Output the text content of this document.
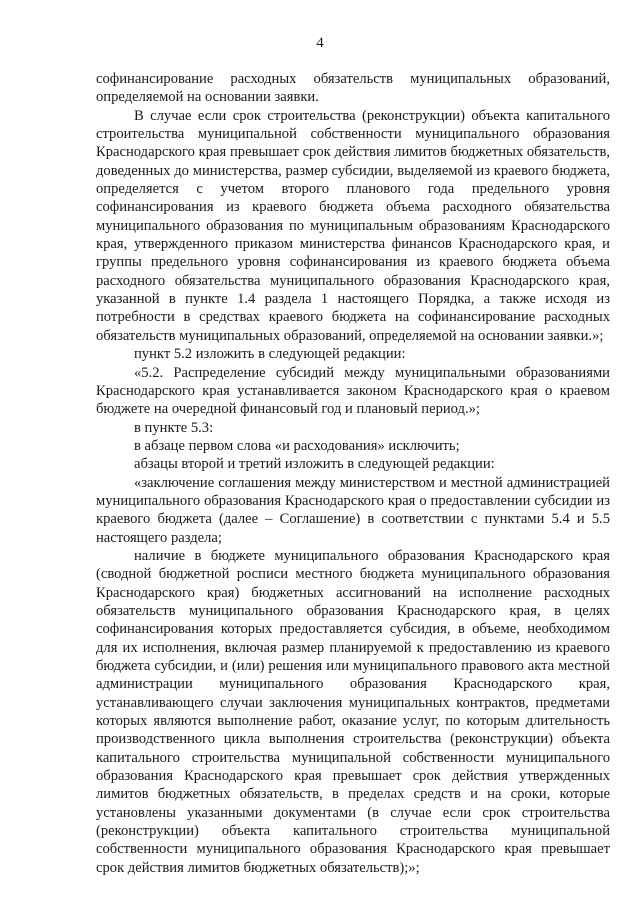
4

софинансирование расходных обязательств муниципальных образований, определяемой на основании заявки.

В случае если срок строительства (реконструкции) объекта капитального строительства муниципальной собственности муниципального образования Краснодарского края превышает срок действия лимитов бюджетных обязательств, доведенных до министерства, размер субсидии, выделяемой из краевого бюджета, определяется с учетом второго планового года предельного уровня софинансирования из краевого бюджета объема расходного обязательства муниципального образования по муниципальным образованиям Краснодарского края, утвержденного приказом министерства финансов Краснодарского края, и группы предельного уровня софинансирования из краевого бюджета объема расходного обязательства муниципального образования Краснодарского края, указанной в пункте 1.4 раздела 1 настоящего Порядка, а также исходя из потребности в средствах краевого бюджета на софинансирование расходных обязательств муниципальных образований, определяемой на основании заявки.»;

пункт 5.2 изложить в следующей редакции:

«5.2. Распределение субсидий между муниципальными образованиями Краснодарского края устанавливается законом Краснодарского края о краевом бюджете на очередной финансовый год и плановый период.»;

в пункте 5.3:

в абзаце первом слова «и расходования» исключить;

абзацы второй и третий изложить в следующей редакции:

«заключение соглашения между министерством и местной администрацией муниципального образования Краснодарского края о предоставлении субсидии из краевого бюджета (далее – Соглашение) в соответствии с пунктами 5.4 и 5.5 настоящего раздела;

наличие в бюджете муниципального образования Краснодарского края (сводной бюджетной росписи местного бюджета муниципального образования Краснодарского края) бюджетных ассигнований на исполнение расходных обязательств муниципального образования Краснодарского края, в целях софинансирования которых предоставляется субсидия, в объеме, необходимом для их исполнения, включая размер планируемой к предоставлению из краевого бюджета субсидии, и (или) решения или муниципального правового акта местной администрации муниципального образования Краснодарского края, устанавливающего случаи заключения муниципальных контрактов, предметами которых являются выполнение работ, оказание услуг, по которым длительность производственного цикла выполнения строительства (реконструкции) объекта капитального строительства муниципальной собственности муниципального образования Краснодарского края превышает срок действия утвержденных лимитов бюджетных обязательств, в пределах средств и на сроки, которые установлены указанными документами (в случае если срок строительства (реконструкции) объекта капитального строительства муниципальной собственности муниципального образования Краснодарского края превышает срок действия лимитов бюджетных обязательств);»;
